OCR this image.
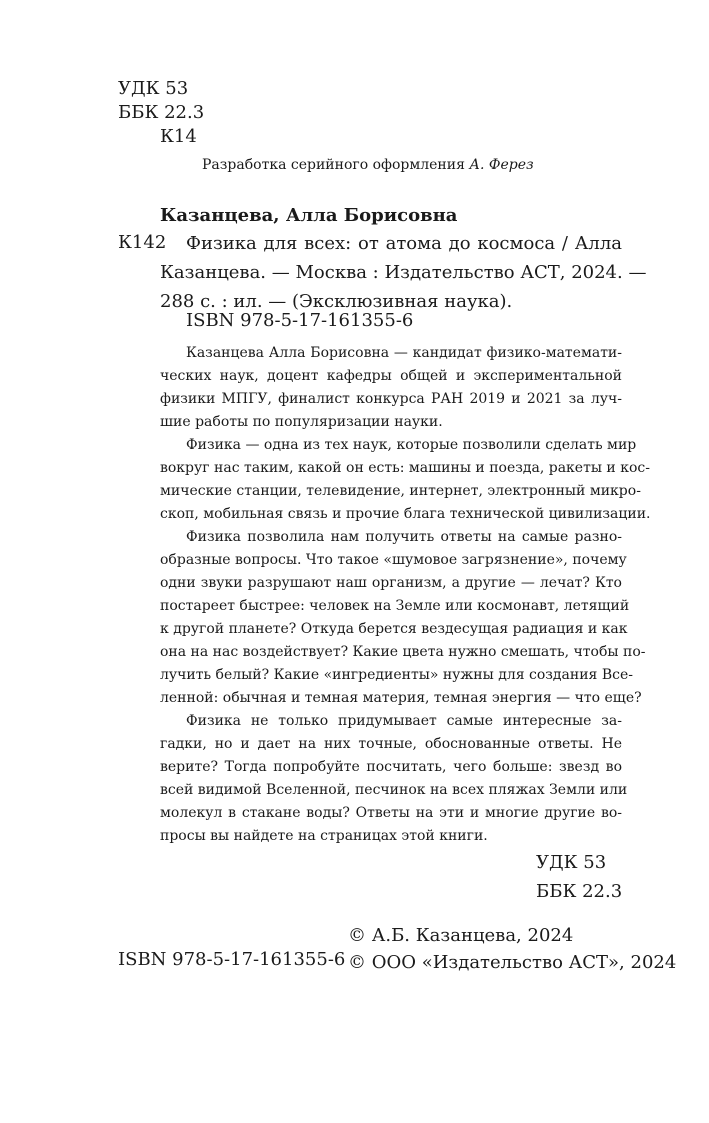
УДК 53
ББК 22.3
К14
Разработка серийного оформления А. Ферез
Казанцева, Алла Борисовна
К142	Физика для всех: от атома до космоса / Алла
Казанцева. — Москва : Издательство АСТ, 2024. —
288 с. : ил. — (Эксклюзивная наука).
ISBN 978-5-17-161355-6
Казанцева Алла Борисовна — кандидат физико-математи-
ческих наук, доцент кафедры общей и экспериментальной
физики МПГУ, финалист конкурса РАН 2019 и 2021 за луч-
шие работы по популяризации науки.
Физика — одна из тех наук, которые позволили сделать мир
вокруг нас таким, какой он есть: машины и поезда, ракеты и кос-
мические станции, телевидение, интернет, электронный микро-
скоп, мобильная связь и прочие блага технической цивилизации.
Физика позволила нам получить ответы на самые разно-
образные вопросы. Что такое «шумовое загрязнение», почему
одни звуки разрушают наш организм, а другие — лечат? Кто
постареет быстрее: человек на Земле или космонавт, летящий
к другой планете? Откуда берется вездесущая радиация и как
она на нас воздействует? Какие цвета нужно смешать, чтобы по-
лучить белый? Какие «ингредиенты» нужны для создания Все-
ленной: обычная и темная материя, темная энергия — что еще?
Физика не только придумывает самые интересные за-
гадки, но и дает на них точные, обоснованные ответы. Не
верите? Тогда попробуйте посчитать, чего больше: звезд во
всей видимой Вселенной, песчинок на всех пляжах Земли или
молекул в стакане воды? Ответы на эти и многие другие во-
просы вы найдете на страницах этой книги.
УДК 53
ББК 22.3
© А.Б. Казанцева, 2024
© ООО «Издательство АСТ», 2024
ISBN 978-5-17-161355-6
